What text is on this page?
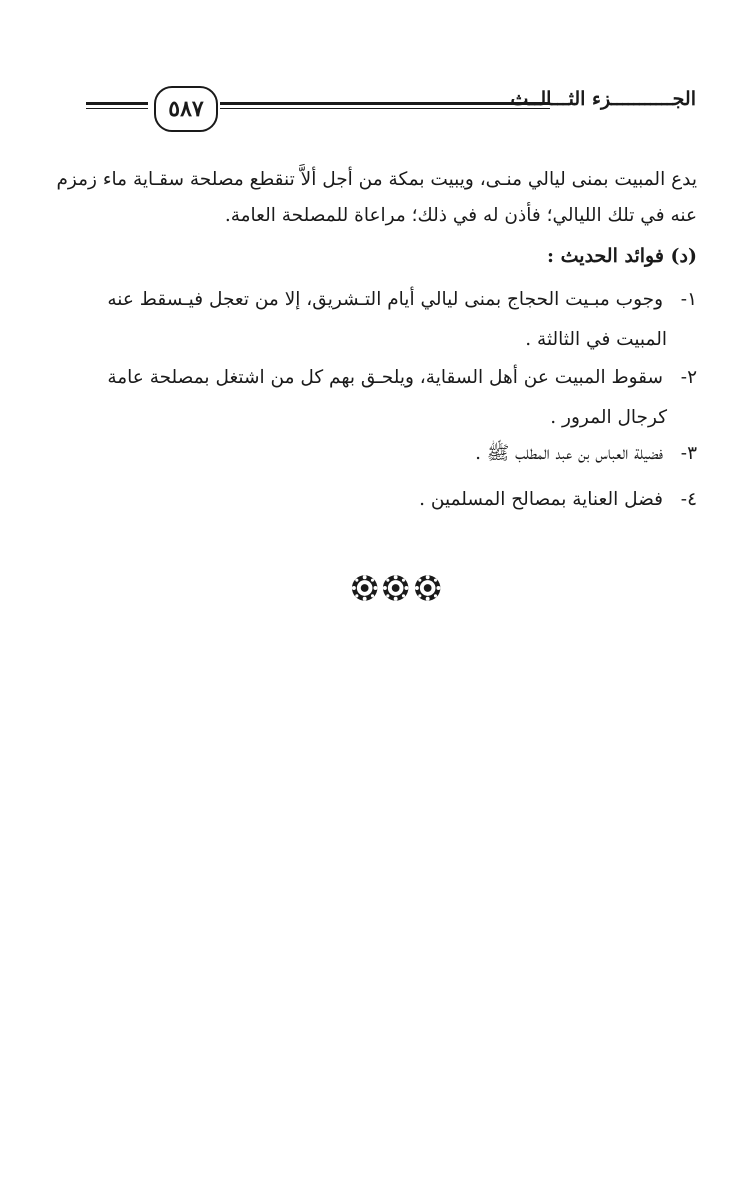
٥٨٧	الجـــــــــــزء الثـــالــث
يدع المبيت بمنى ليالي منـى، ويبيت بمكة من أجل ألاَّ تنقطع مصلحة سقـاية ماء زمزم
عنه في تلك الليالي؛ فأذن له في ذلك؛ مراعاة للمصلحة العامة.
(د) فوائد الحديث :
١-وجوب مبـيت الحجاج بمنى ليالي أيام التـشريق، إلا من تعجل فيـسقط عنه
المبيت في الثالثة .
٢-سقوط المبيت عن أهل السقاية، ويلحـق بهم كل من اشتغل بمصلحة عامة
كرجال المرور .
٣-فضيلة العباس بن عبد المطلب ﷺ .
٤-فضل العناية بمصالح المسلمين .
